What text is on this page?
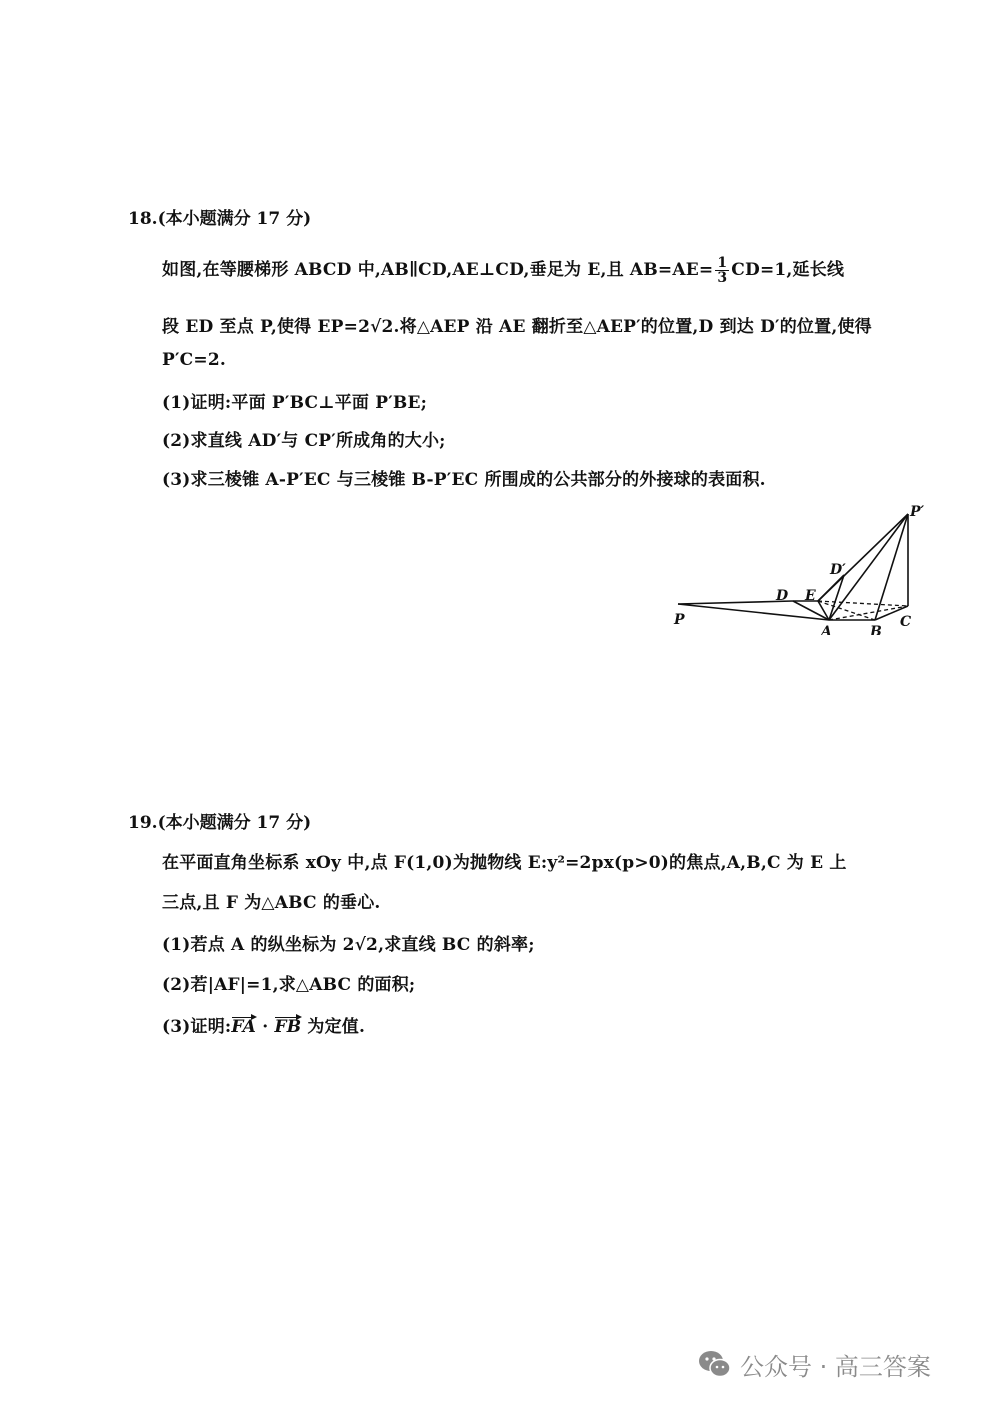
18.(本小题满分 17 分)
如图,在等腰梯形 ABCD 中,AB∥CD,AE⊥CD,垂足为 E,且 $AB=AE= \frac{1}{3} CD=1$,延长线
段 ED 至点 P,使得 EP=2√2.将△AEP 沿 AE 翻折至△AEP′的位置,D 到达 D′的位置,使得
P′C=2.
(1)证明:平面 P′BC⊥平面 P′BE;
(2)求直线 AD′与 CP′所成角的大小;
(3)求三棱锥 A-P′EC 与三棱锥 B-P′EC 所围成的公共部分的外接球的表面积.
P
P′
D
D′
E
A	B
C
19.(本小题满分 17 分)
在平面直角坐标系 xOy 中,点 F(1,0)为抛物线 E:y²=2px(p>0)的焦点,A,B,C 为 E 上
三点,且 F 为△ABC 的垂心.
(1)若点 A 的纵坐标为 2√2,求直线 BC 的斜率;
(2)若|AF|=1,求△ABC 的面积;
(3)证明:FA · FB 为定值.
公众号 · 高三答案
